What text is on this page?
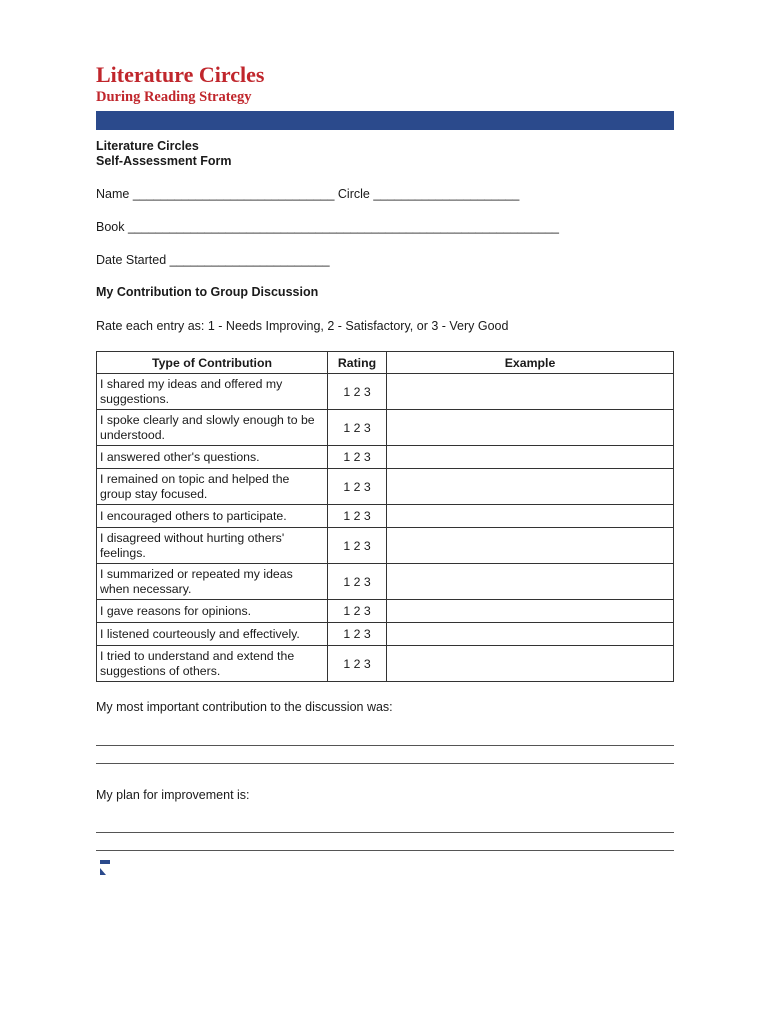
Literature Circles
During Reading Strategy
Literature Circles
Self-Assessment Form
Name _____________________________ Circle _____________________
Book ______________________________________________________________
Date Started _______________________
My Contribution to Group Discussion
Rate each entry as: 1 - Needs Improving, 2 - Satisfactory, or 3 - Very Good
Type of Contribution	Rating	Example
I shared my ideas and offered my suggestions.	1 2 3	
I spoke clearly and slowly enough to be understood.	1 2 3	
I answered other's questions.	1 2 3	
I remained on topic and helped the group stay focused.	1 2 3	
I encouraged others to participate.	1 2 3	
I disagreed without hurting others' feelings.	1 2 3	
I summarized or repeated my ideas when necessary.	1 2 3	
I gave reasons for opinions.	1 2 3	
I listened courteously and effectively.	1 2 3	
I tried to understand and extend the suggestions of others.	1 2 3	
My most important contribution to the discussion was:
My plan for improvement is:
